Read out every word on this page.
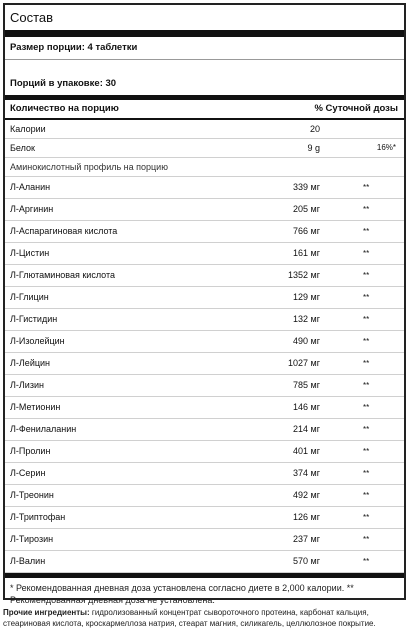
Состав
Размер порции: 4 таблетки
Порций в упаковке: 30
Количество на порцию	% Суточной дозы
Калории	20
Белок	9 g	16%*
Аминокислотный профиль на порцию
Л-Аланин	339 мг	**
Л-Аргинин	205 мг	**
Л-Аспарагиновая кислота	766 мг	**
Л-Цистин	161 мг	**
Л-Глютаминовая кислота	1352 мг	**
Л-Глицин	129 мг	**
Л-Гистидин	132 мг	**
Л-Изолейцин	490 мг	**
Л-Лейцин	1027 мг	**
Л-Лизин	785 мг	**
Л-Метионин	146 мг	**
Л-Фенилаланин	214 мг	**
Л-Пролин	401 мг	**
Л-Серин	374 мг	**
Л-Треонин	492 мг	**
Л-Триптофан	126 мг	**
Л-Тирозин	237 мг	**
Л-Валин	570 мг	**
* Рекомендованная дневная доза установлена согласно диете в 2,000 калории. **
Рекомендованная дневная доза не установлена.
Прочие ингредиенты: гидролизованный концентрат сывороточного протеина, карбонат кальция, стеариновая кислота, кроскармеллоза натрия, стеарат магния, силикагель, целлюлозное покрытие.
